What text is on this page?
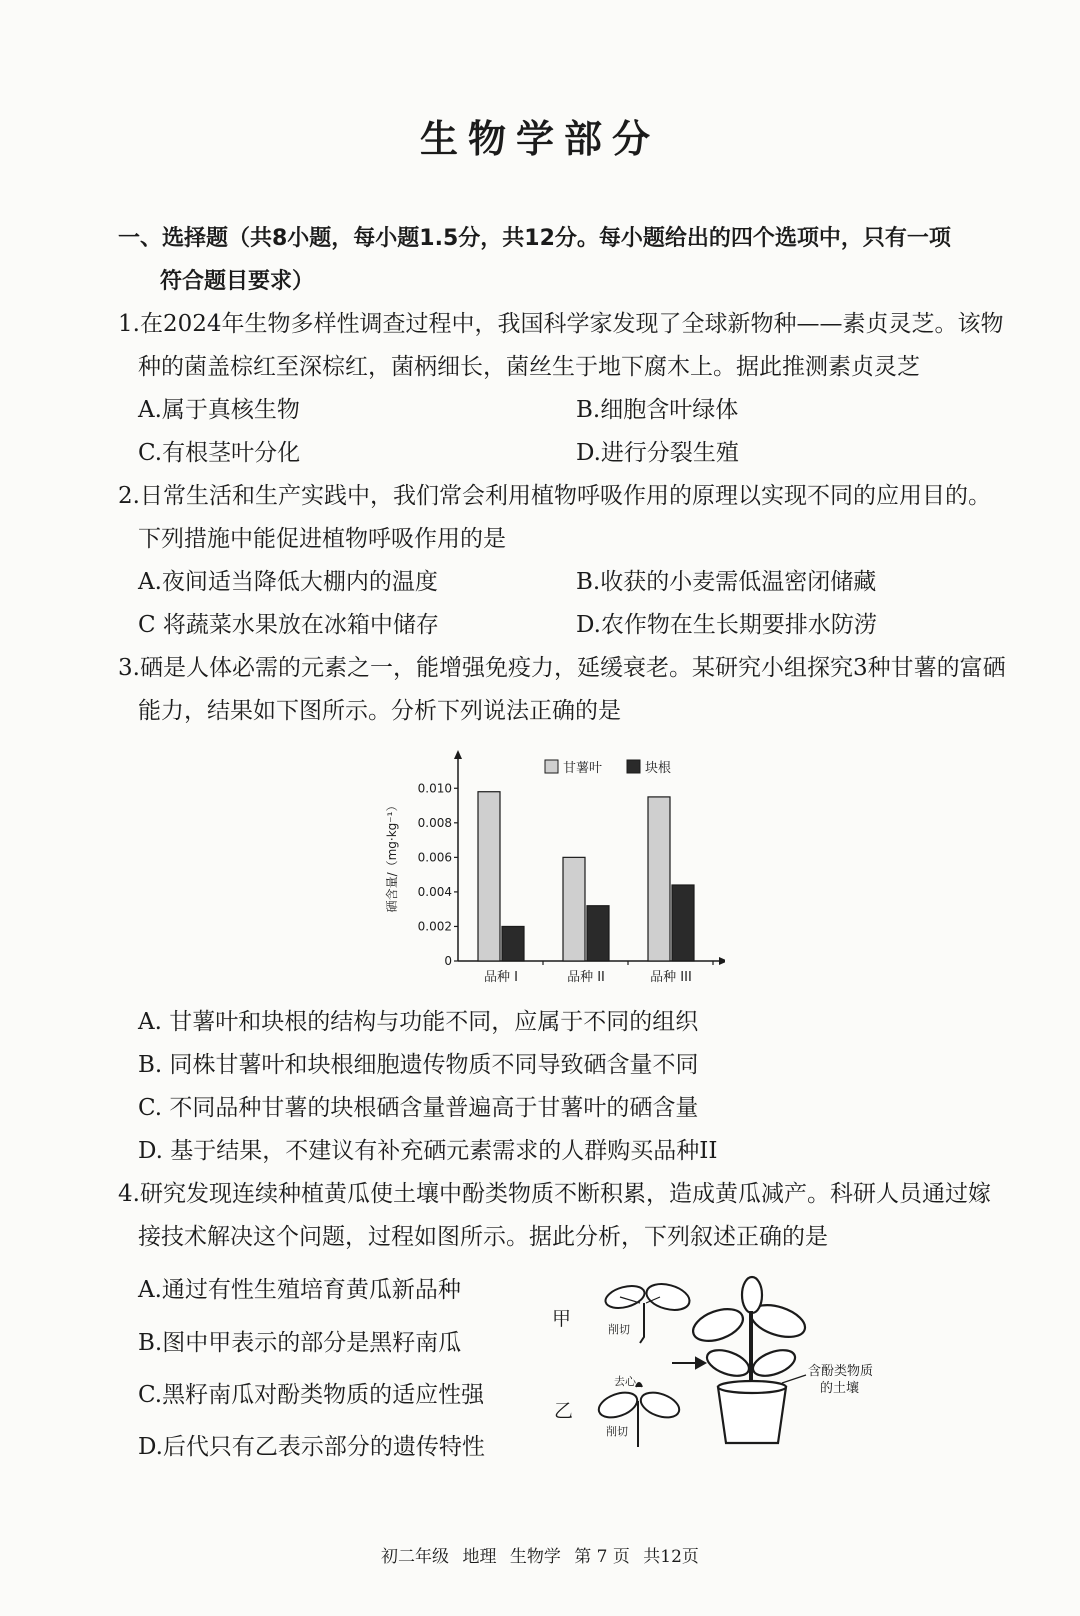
生物学部分
一、选择题（共8小题，每小题1.5分，共12分。每小题给出的四个选项中，只有一项
符合题目要求）
1.在2024年生物多样性调查过程中，我国科学家发现了全球新物种——素贞灵芝。该物
种的菌盖棕红至深棕红，菌柄细长，菌丝生于地下腐木上。据此推测素贞灵芝
A.属于真核生物	B.细胞含叶绿体
C.有根茎叶分化	D.进行分裂生殖
2.日常生活和生产实践中，我们常会利用植物呼吸作用的原理以实现不同的应用目的。
下列措施中能促进植物呼吸作用的是
A.夜间适当降低大棚内的温度	B.收获的小麦需低温密闭储藏
C 将蔬菜水果放在冰箱中储存	D.农作物在生长期要排水防涝
3.硒是人体必需的元素之一，能增强免疫力，延缓衰老。某研究小组探究3种甘薯的富硒
能力，结果如下图所示。分析下列说法正确的是
0
0.002
0.004
0.006
0.008
0.010
硒含量/（mg·kg⁻¹）
品种 I	品种 II	品种 III
甘薯叶	块根
A. 甘薯叶和块根的结构与功能不同，应属于不同的组织
B. 同株甘薯叶和块根细胞遗传物质不同导致硒含量不同
C. 不同品种甘薯的块根硒含量普遍高于甘薯叶的硒含量
D. 基于结果，不建议有补充硒元素需求的人群购买品种II
4.研究发现连续种植黄瓜使土壤中酚类物质不断积累，造成黄瓜减产。科研人员通过嫁
接技术解决这个问题，过程如图所示。据此分析，下列叙述正确的是
A.通过有性生殖培育黄瓜新品种
B.图中甲表示的部分是黑籽南瓜
C.黑籽南瓜对酚类物质的适应性强
D.后代只有乙表示部分的遗传特性
甲
乙
削切
去心
削切
含酚类物质
的土壤
初二年级 地理 生物学 第 7 页 共12页
